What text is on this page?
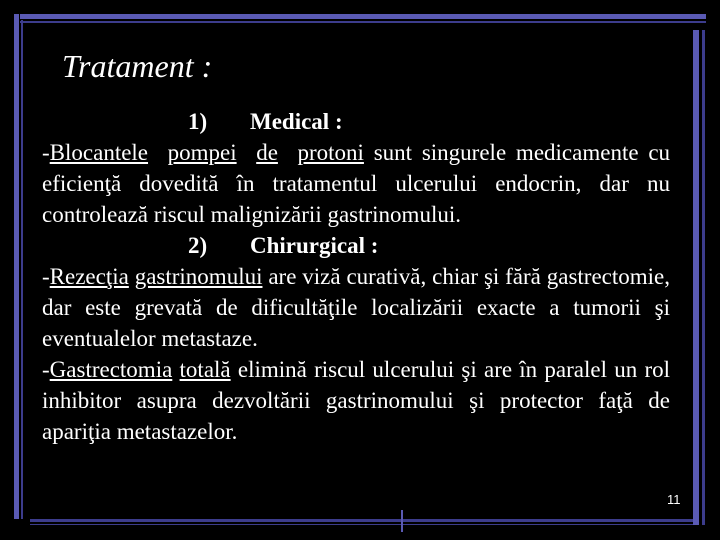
Tratament :

1) Medical :

-Blocantele pompei de protoni sunt singurele medicamente cu eficienţă dovedită în tratamentul ulcerului endocrin, dar nu controlează riscul malignizării gastrinomului.

2) Chirurgical :

-Rezecţia gastrinomului are viză curativă, chiar şi fără gastrectomie, dar este grevată de dificultăţile localizării exacte a tumorii şi eventualelor metastaze.

-Gastrectomia totală elimină riscul ulcerului şi are în paralel un rol inhibitor asupra dezvoltării gastrinomului şi protector faţă de apariţia metastazelor.

11
